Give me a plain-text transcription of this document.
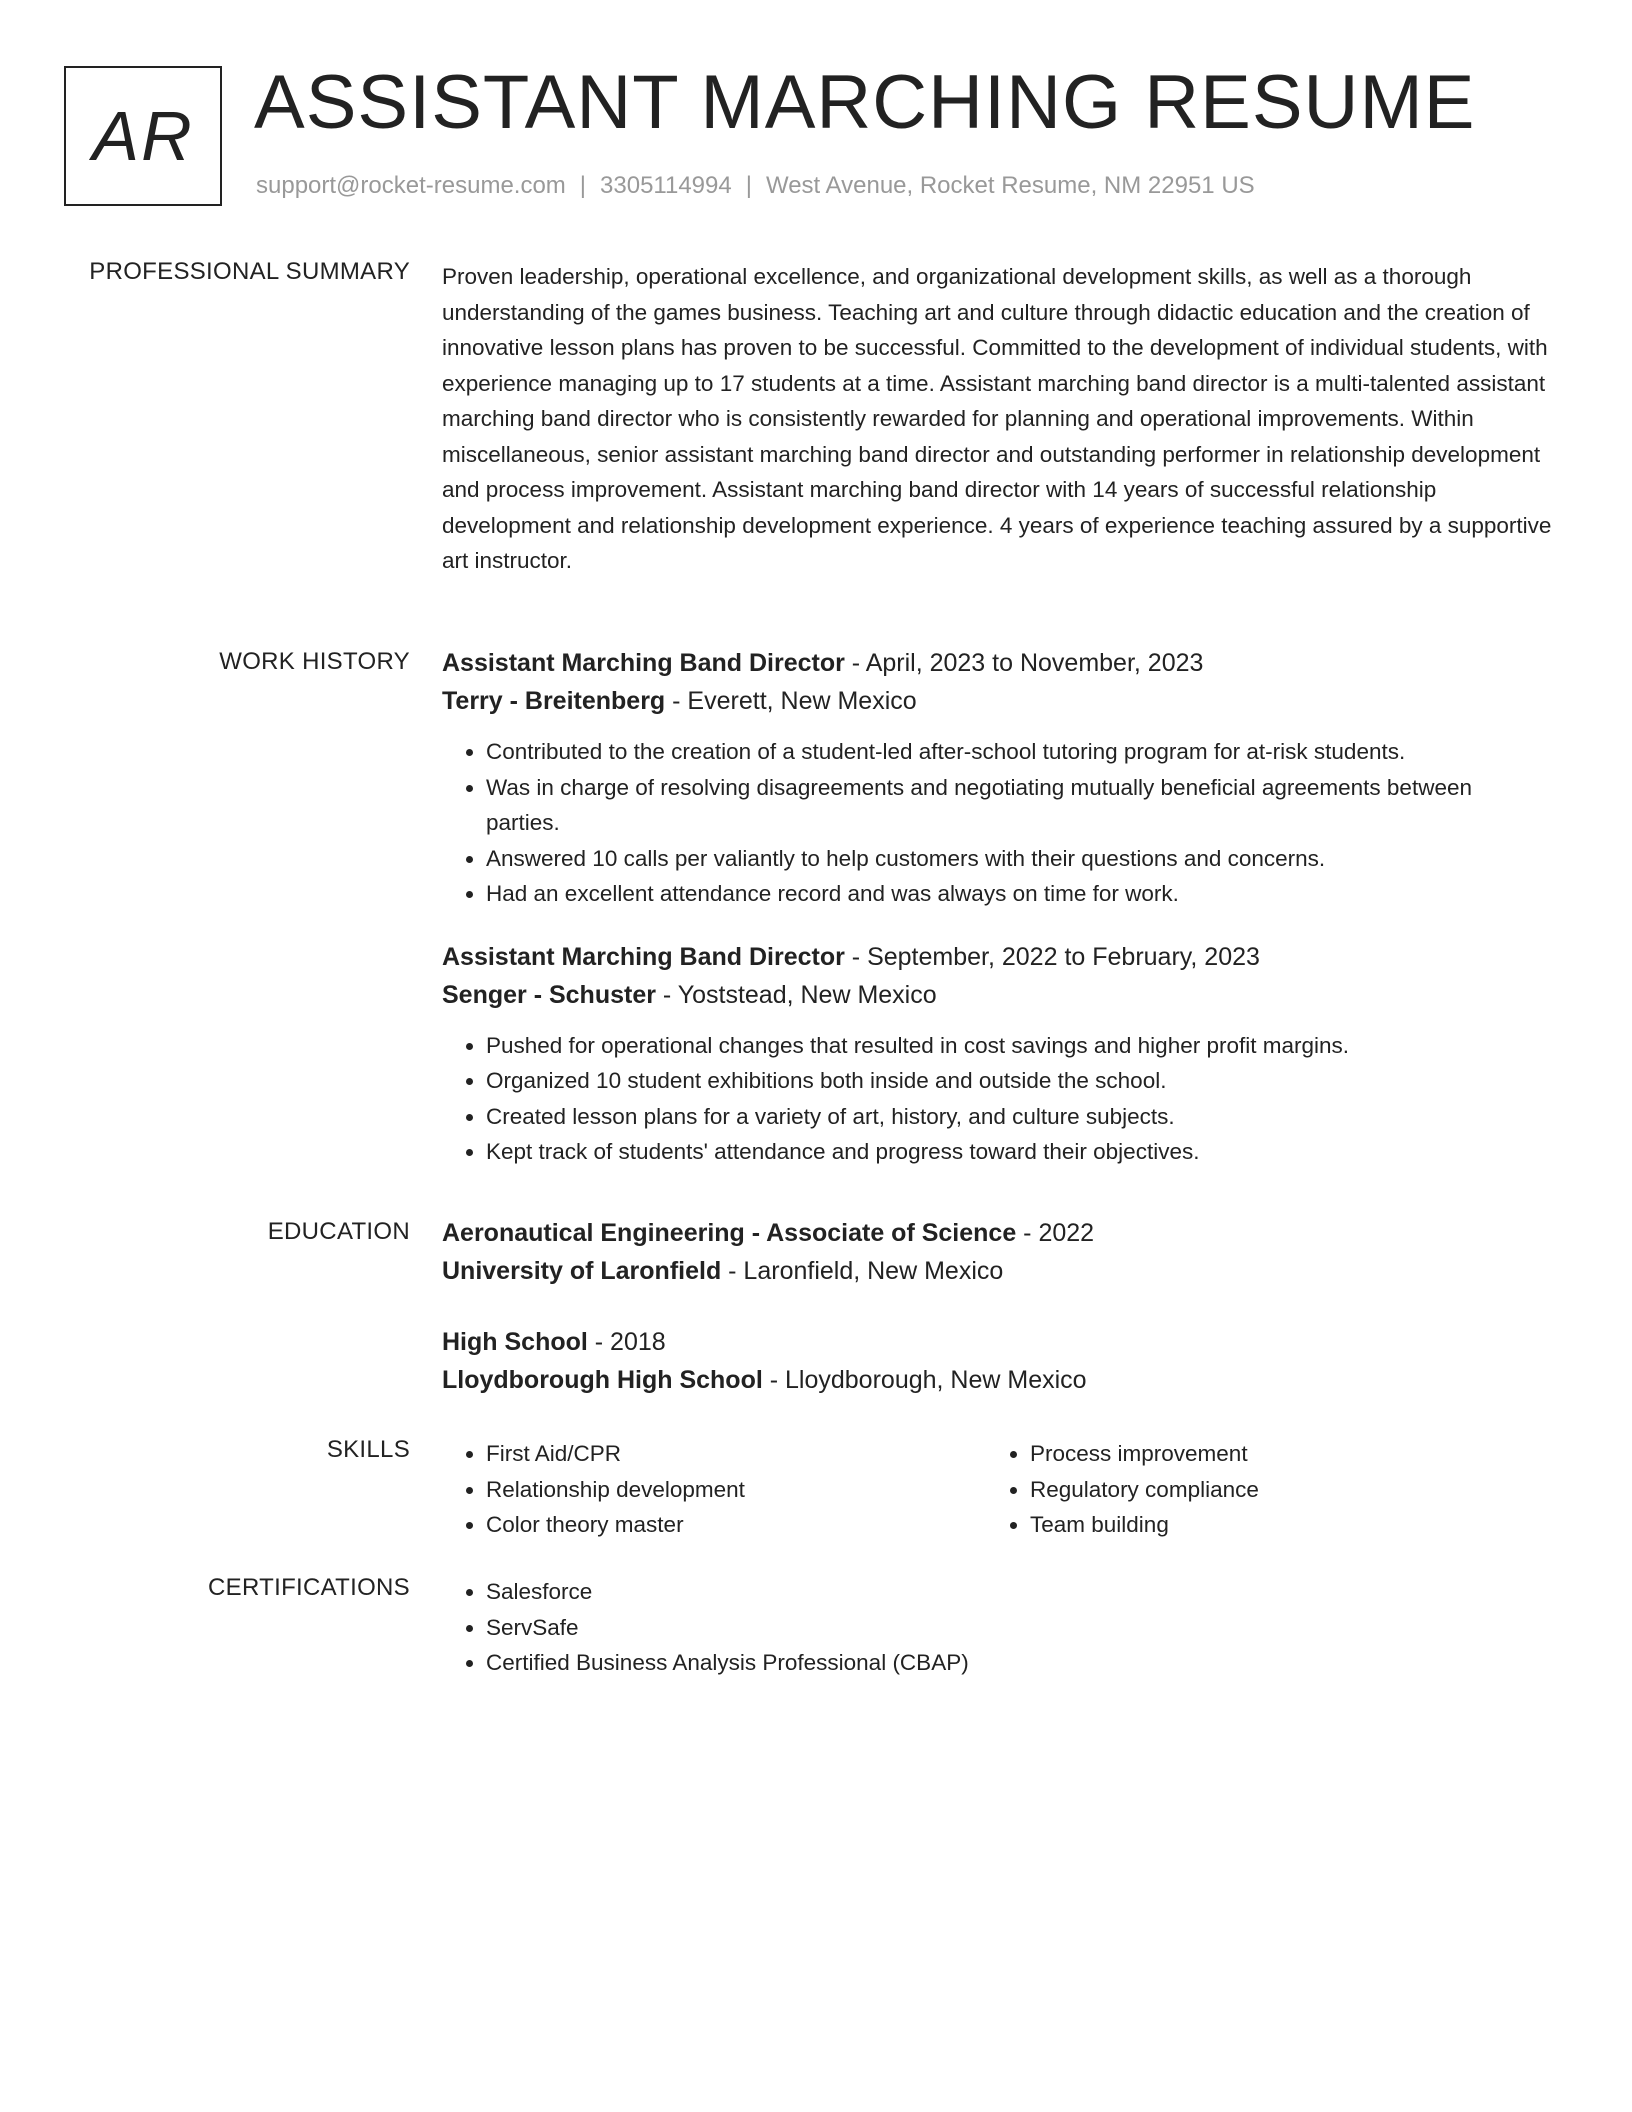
AR ASSISTANT MARCHING RESUME
support@rocket-resume.com | 3305114994 | West Avenue, Rocket Resume, NM 22951 US
PROFESSIONAL SUMMARY Proven leadership, operational excellence, and organizational development skills, as well as a thorough understanding of the games business. Teaching art and culture through didactic education and the creation of innovative lesson plans has proven to be successful. Committed to the development of individual students, with experience managing up to 17 students at a time. Assistant marching band director is a multi-talented assistant marching band director who is consistently rewarded for planning and operational improvements. Within miscellaneous, senior assistant marching band director and outstanding performer in relationship development and process improvement. Assistant marching band director with 14 years of successful relationship development and relationship development experience. 4 years of experience teaching assured by a supportive art instructor.

WORK HISTORY Assistant Marching Band Director - April, 2023 to November, 2023
Terry - Breitenberg - Everett, New Mexico
• Contributed to the creation of a student-led after-school tutoring program for at-risk students.
• Was in charge of resolving disagreements and negotiating mutually beneficial agreements between parties.
• Answered 10 calls per valiantly to help customers with their questions and concerns.
• Had an excellent attendance record and was always on time for work.
Assistant Marching Band Director - September, 2022 to February, 2023
Senger - Schuster - Yoststead, New Mexico
• Pushed for operational changes that resulted in cost savings and higher profit margins.
• Organized 10 student exhibitions both inside and outside the school.
• Created lesson plans for a variety of art, history, and culture subjects.
• Kept track of students' attendance and progress toward their objectives.
EDUCATION Aeronautical Engineering - Associate of Science - 2022
University of Laronfield - Laronfield, New Mexico
High School - 2018
Lloydborough High School - Lloydborough, New Mexico
SKILLS	• First Aid/CPR
• Relationship development
• Color theory master
• Process improvement
• Regulatory compliance
• Team building
CERTIFICATIONS	• Salesforce
• ServSafe
• Certified Business Analysis Professional (CBAP)
